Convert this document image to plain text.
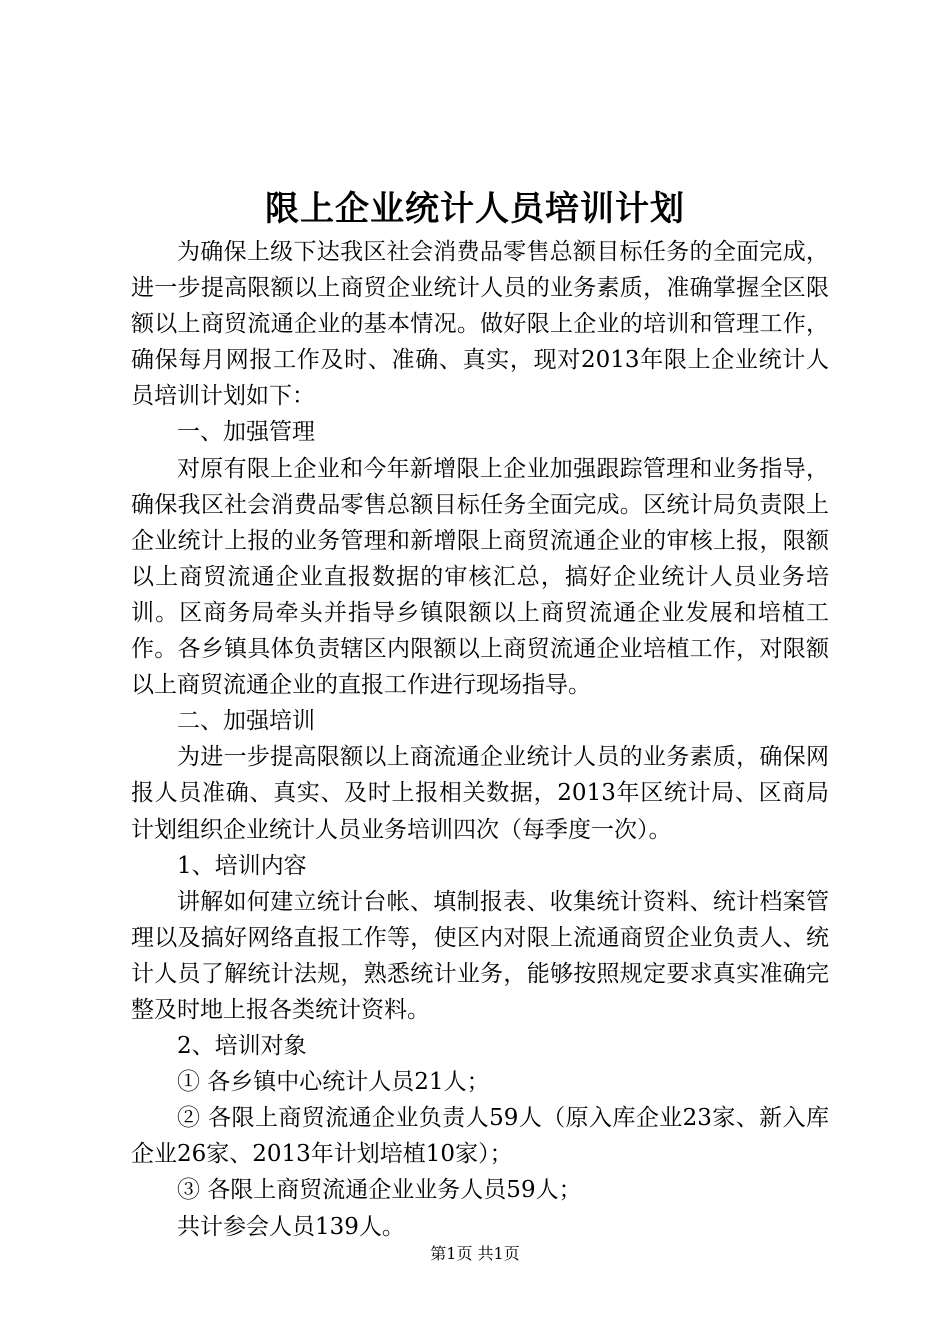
限上企业统计人员培训计划

为确保上级下达我区社会消费品零售总额目标任务的全面完成，进一步提高限额以上商贸企业统计人员的业务素质，准确掌握全区限额以上商贸流通企业的基本情况。做好限上企业的培训和管理工作，确保每月网报工作及时、准确、真实，现对2013年限上企业统计人员培训计划如下：

一、加强管理

对原有限上企业和今年新增限上企业加强跟踪管理和业务指导，确保我区社会消费品零售总额目标任务全面完成。区统计局负责限上企业统计上报的业务管理和新增限上商贸流通企业的审核上报，限额以上商贸流通企业直报数据的审核汇总，搞好企业统计人员业务培训。区商务局牵头并指导乡镇限额以上商贸流通企业发展和培植工作。各乡镇具体负责辖区内限额以上商贸流通企业培植工作，对限额以上商贸流通企业的直报工作进行现场指导。

二、加强培训

为进一步提高限额以上商流通企业统计人员的业务素质，确保网报人员准确、真实、及时上报相关数据，2013年区统计局、区商局计划组织企业统计人员业务培训四次（每季度一次）。

1、培训内容

讲解如何建立统计台帐、填制报表、收集统计资料、统计档案管理以及搞好网络直报工作等，使区内对限上流通商贸企业负责人、统计人员了解统计法规，熟悉统计业务，能够按照规定要求真实准确完整及时地上报各类统计资料。

2、培训对象

① 各乡镇中心统计人员21人；

② 各限上商贸流通企业负责人59人（原入库企业23家、新入库企业26家、2013年计划培植10家）；

③ 各限上商贸流通企业业务人员59人；

共计参会人员139人。

第1页 共1页
